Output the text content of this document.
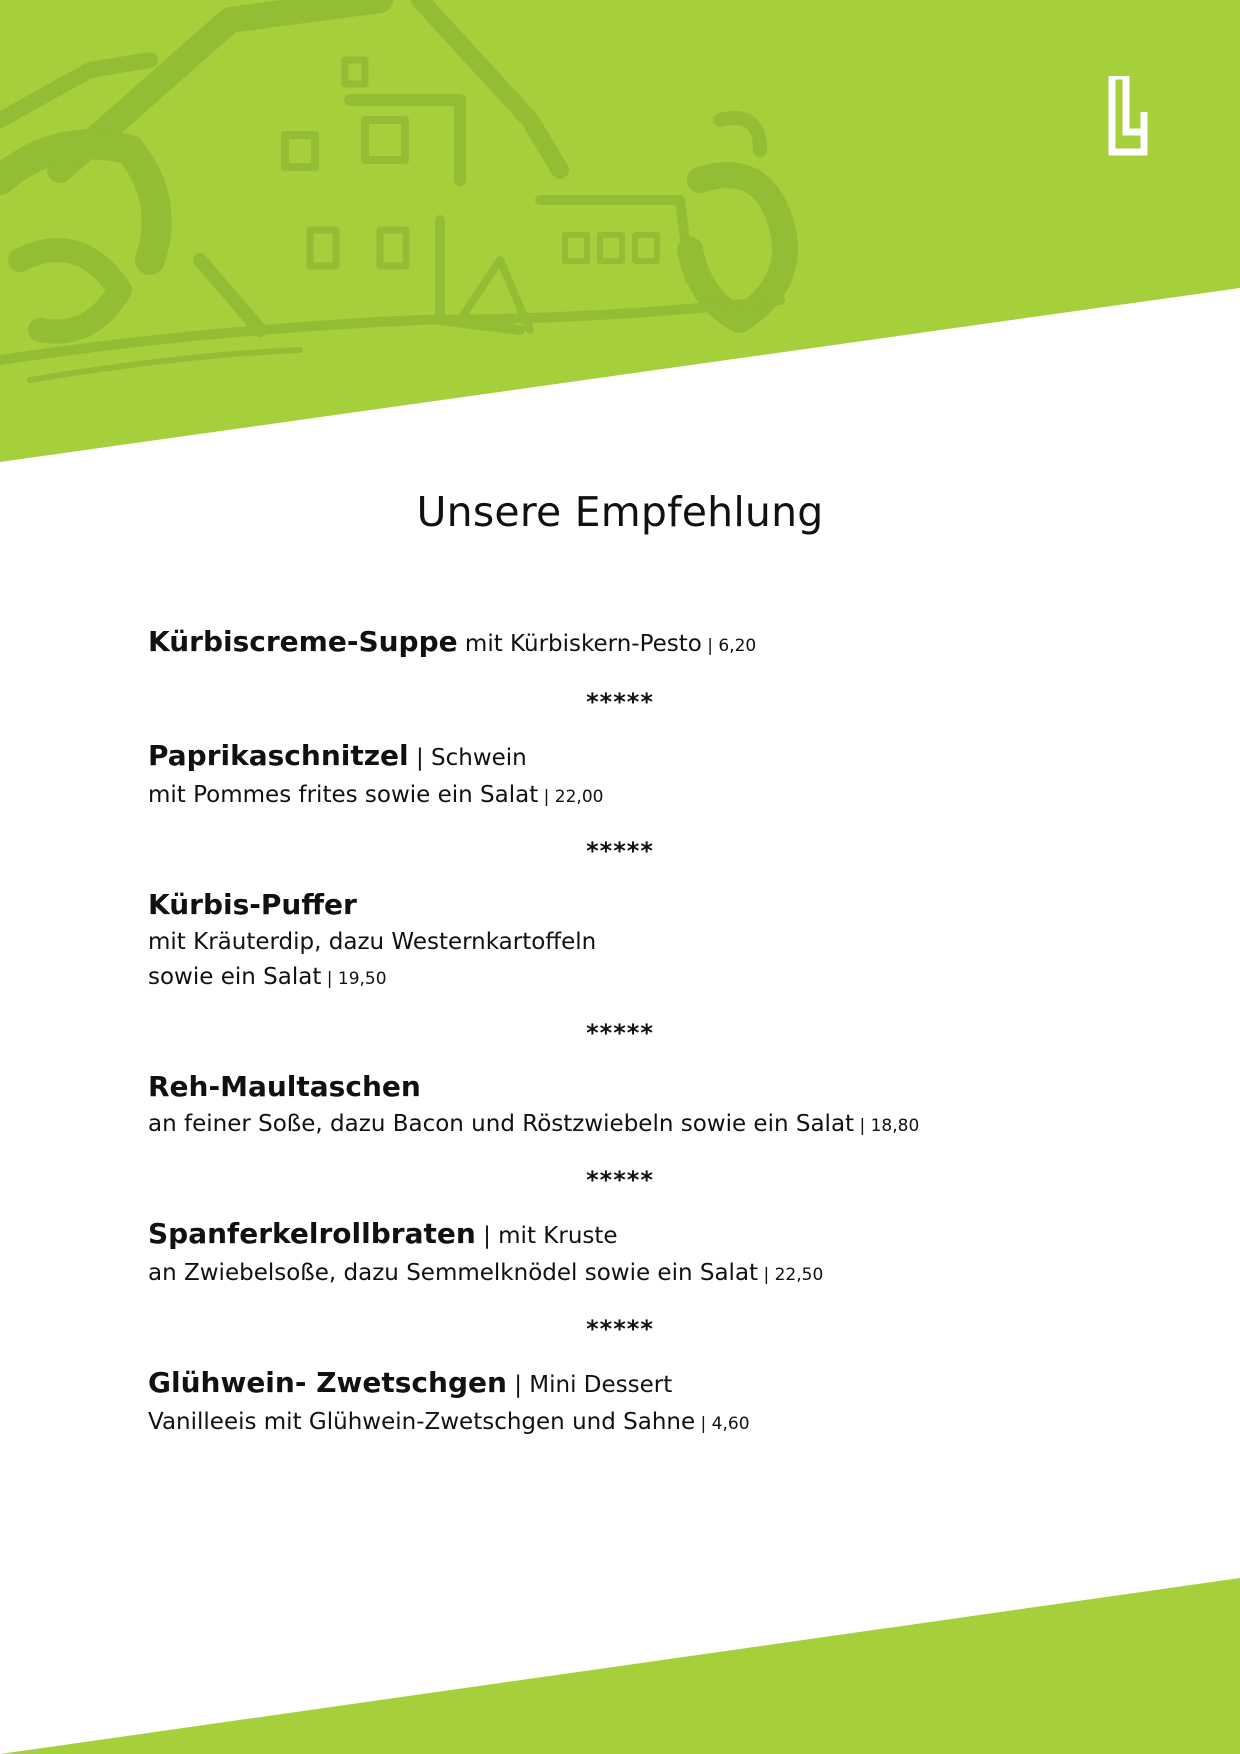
Unsere Empfehlung
Kürbiscreme-Suppe mit Kürbiskern-Pesto | 6,20
*****
Paprikaschnitzel | Schwein
mit Pommes frites sowie ein Salat | 22,00
*****
Kürbis-Puffer
mit Kräuterdip, dazu Westernkartoffeln
sowie ein Salat | 19,50
*****
Reh-Maultaschen
an feiner Soße, dazu Bacon und Röstzwiebeln sowie ein Salat | 18,80
*****
Spanferkelrollbraten | mit Kruste
an Zwiebelsoße, dazu Semmelknödel sowie ein Salat | 22,50
*****
Glühwein- Zwetschgen | Mini Dessert
Vanilleeis mit Glühwein-Zwetschgen und Sahne | 4,60
